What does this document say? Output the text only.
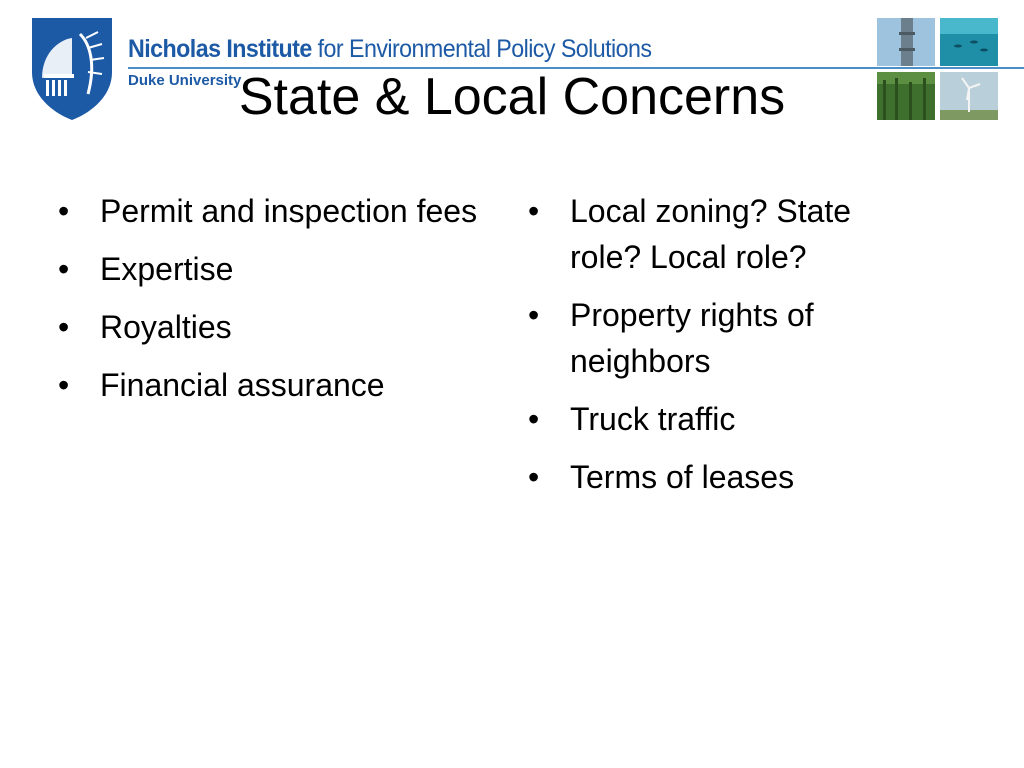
Nicholas Institute for Environmental Policy Solutions
Duke University
State & Local Concerns
• Permit and inspection fees
• Expertise
• Royalties
• Financial assurance
• Local zoning? State role? Local role?
• Property rights of neighbors
• Truck traffic
• Terms of leases
